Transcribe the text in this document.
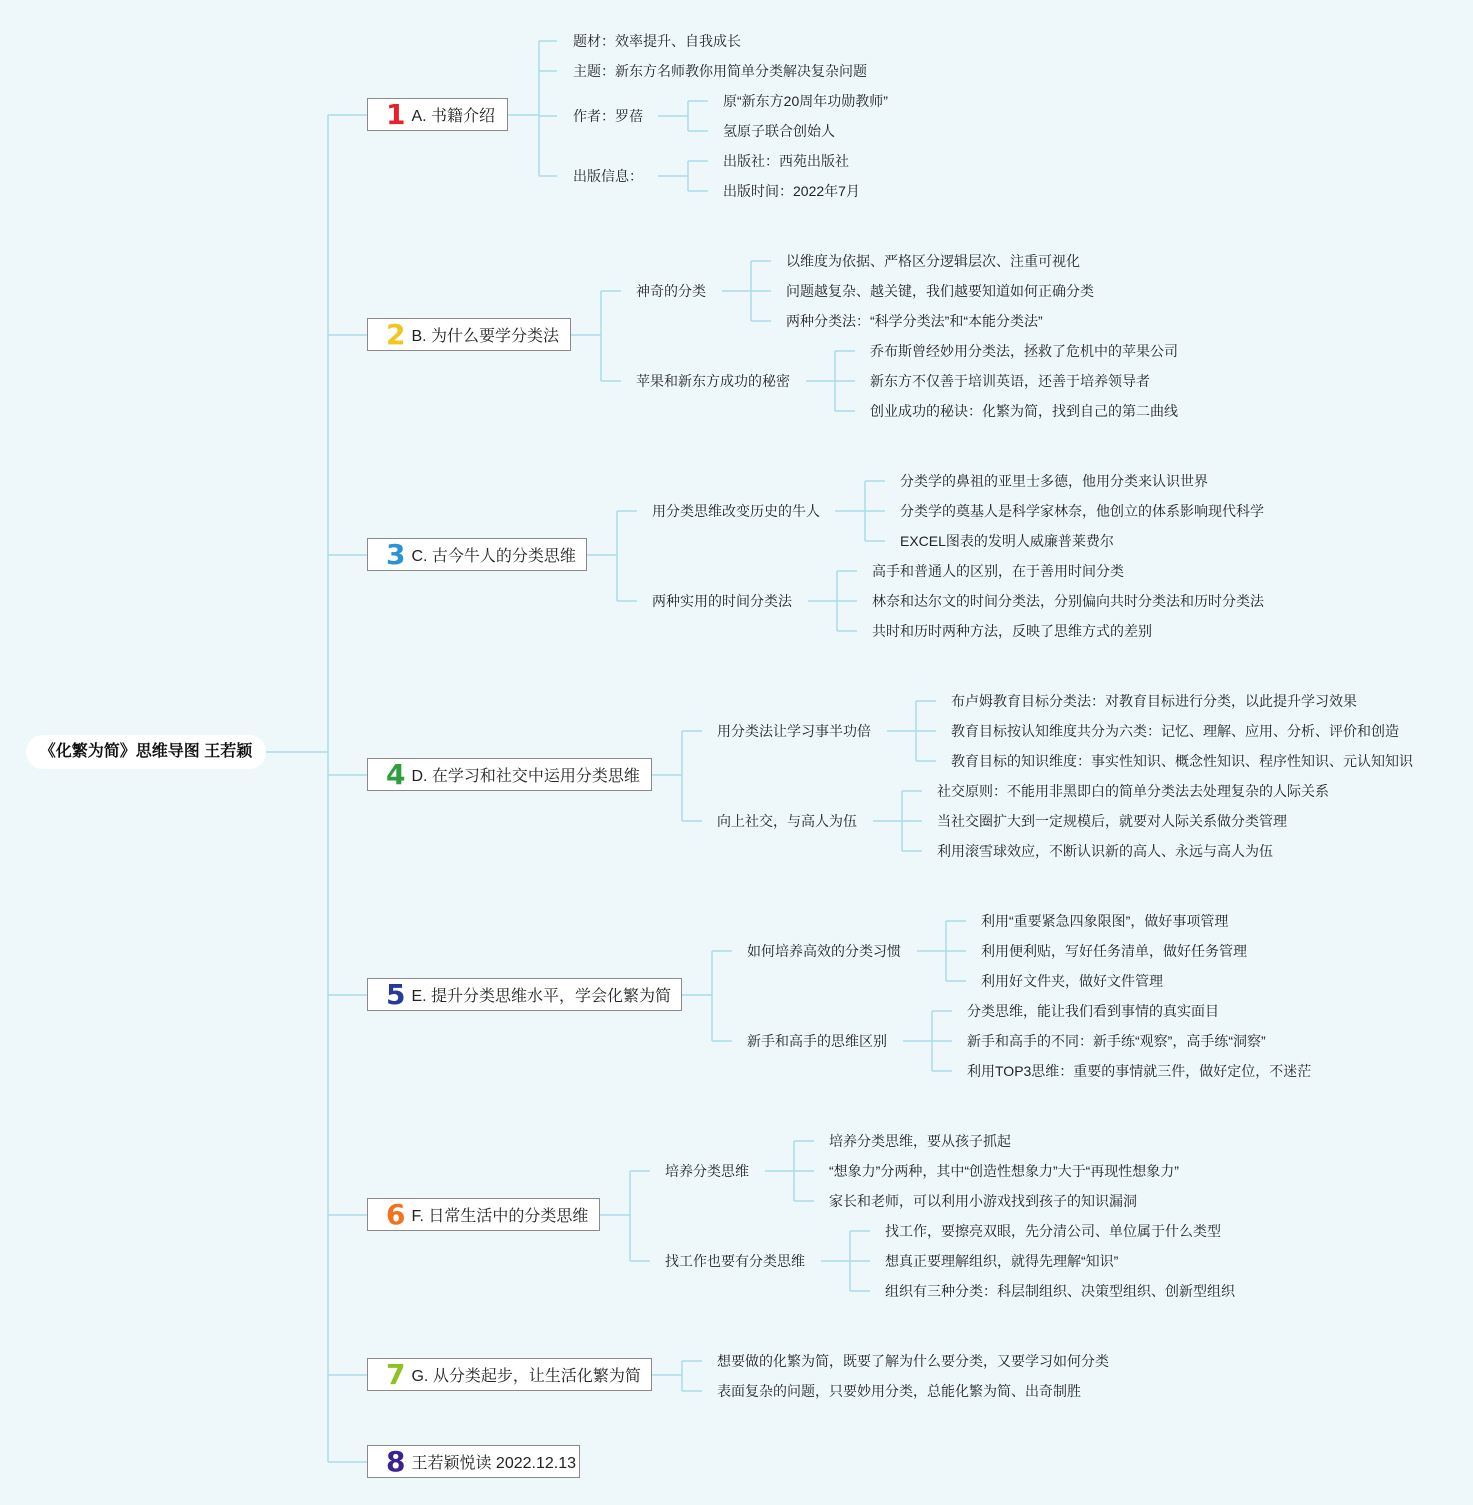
《化繁为简》思维导图 王若颖
1 A. 书籍介绍
题材：效率提升、自我成长
主题：新东方名师教你用简单分类解决复杂问题
作者：罗蓓
原“新东方20周年功勋教师”
氢原子联合创始人
出版信息：
出版社：西苑出版社
出版时间：2022年7月
2 B. 为什么要学分类法
神奇的分类
以维度为依据、严格区分逻辑层次、注重可视化
问题越复杂、越关键，我们越要知道如何正确分类
两种分类法：“科学分类法”和“本能分类法”
苹果和新东方成功的秘密
乔布斯曾经妙用分类法，拯救了危机中的苹果公司
新东方不仅善于培训英语，还善于培养领导者
创业成功的秘诀：化繁为简，找到自己的第二曲线
3 C. 古今牛人的分类思维
用分类思维改变历史的牛人
分类学的鼻祖的亚里士多德，他用分类来认识世界
分类学的奠基人是科学家林奈，他创立的体系影响现代科学
EXCEL图表的发明人威廉普莱费尔
两种实用的时间分类法
高手和普通人的区别，在于善用时间分类
林奈和达尔文的时间分类法，分别偏向共时分类法和历时分类法
共时和历时两种方法，反映了思维方式的差别
4 D. 在学习和社交中运用分类思维
用分类法让学习事半功倍
布卢姆教育目标分类法：对教育目标进行分类，以此提升学习效果
教育目标按认知维度共分为六类：记忆、理解、应用、分析、评价和创造
教育目标的知识维度：事实性知识、概念性知识、程序性知识、元认知知识
向上社交，与高人为伍
社交原则：不能用非黑即白的简单分类法去处理复杂的人际关系
当社交圈扩大到一定规模后，就要对人际关系做分类管理
利用滚雪球效应，不断认识新的高人、永远与高人为伍
5 E. 提升分类思维水平，学会化繁为简
如何培养高效的分类习惯
利用“重要紧急四象限图”，做好事项管理
利用便利贴，写好任务清单，做好任务管理
利用好文件夹，做好文件管理
新手和高手的思维区别
分类思维，能让我们看到事情的真实面目
新手和高手的不同：新手练“观察”，高手练“洞察”
利用TOP3思维：重要的事情就三件，做好定位，不迷茫
6 F. 日常生活中的分类思维
培养分类思维
培养分类思维，要从孩子抓起
“想象力”分两种，其中“创造性想象力”大于“再现性想象力”
家长和老师，可以利用小游戏找到孩子的知识漏洞
找工作也要有分类思维
找工作，要擦亮双眼，先分清公司、单位属于什么类型
想真正要理解组织，就得先理解“知识”
组织有三种分类：科层制组织、决策型组织、创新型组织
7 G. 从分类起步，让生活化繁为简
想要做的化繁为简，既要了解为什么要分类，又要学习如何分类
表面复杂的问题，只要妙用分类，总能化繁为简、出奇制胜
8 王若颖悦读 2022.12.13
